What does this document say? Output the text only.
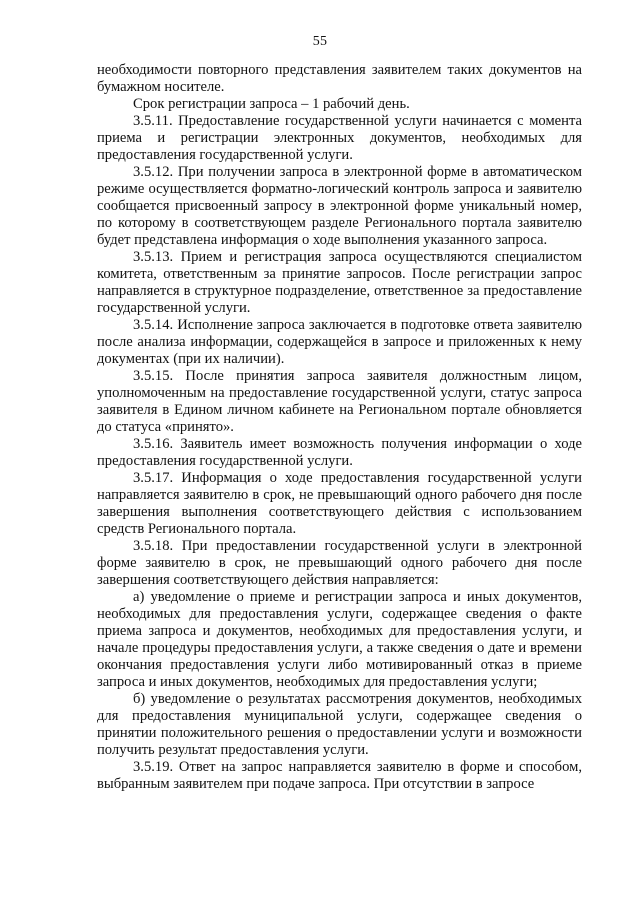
55

необходимости повторного представления заявителем таких документов на бумажном носителе.

Срок регистрации запроса – 1 рабочий день.

3.5.11. Предоставление государственной услуги начинается с момента приема и регистрации электронных документов, необходимых для предоставления государственной услуги.

3.5.12. При получении запроса в электронной форме в автоматическом режиме осуществляется форматно-логический контроль запроса и заявителю сообщается присвоенный запросу в электронной форме уникальный номер, по которому в соответствующем разделе Регионального портала заявителю будет представлена информация о ходе выполнения указанного запроса.

3.5.13. Прием и регистрация запроса осуществляются специалистом комитета, ответственным за принятие запросов. После регистрации запрос направляется в структурное подразделение, ответственное за предоставление государственной услуги.

3.5.14. Исполнение запроса заключается в подготовке ответа заявителю после анализа информации, содержащейся в запросе и приложенных к нему документах (при их наличии).

3.5.15. После принятия запроса заявителя должностным лицом, уполномоченным на предоставление государственной услуги, статус запроса заявителя в Едином личном кабинете на Региональном портале обновляется до статуса «принято».

3.5.16. Заявитель имеет возможность получения информации о ходе предоставления государственной услуги.

3.5.17. Информация о ходе предоставления государственной услуги направляется заявителю в срок, не превышающий одного рабочего дня после завершения выполнения соответствующего действия с использованием средств Регионального портала.

3.5.18. При предоставлении государственной услуги в электронной форме заявителю в срок, не превышающий одного рабочего дня после завершения соответствующего действия направляется:

а) уведомление о приеме и регистрации запроса и иных документов, необходимых для предоставления услуги, содержащее сведения о факте приема запроса и документов, необходимых для предоставления услуги, и начале процедуры предоставления услуги, а также сведения о дате и времени окончания предоставления услуги либо мотивированный отказ в приеме запроса и иных документов, необходимых для предоставления услуги;

б) уведомление о результатах рассмотрения документов, необходимых для предоставления муниципальной услуги, содержащее сведения о принятии положительного решения о предоставлении услуги и возможности получить результат предоставления услуги.

3.5.19. Ответ на запрос направляется заявителю в форме и способом, выбранным заявителем при подаче запроса. При отсутствии в запросе
